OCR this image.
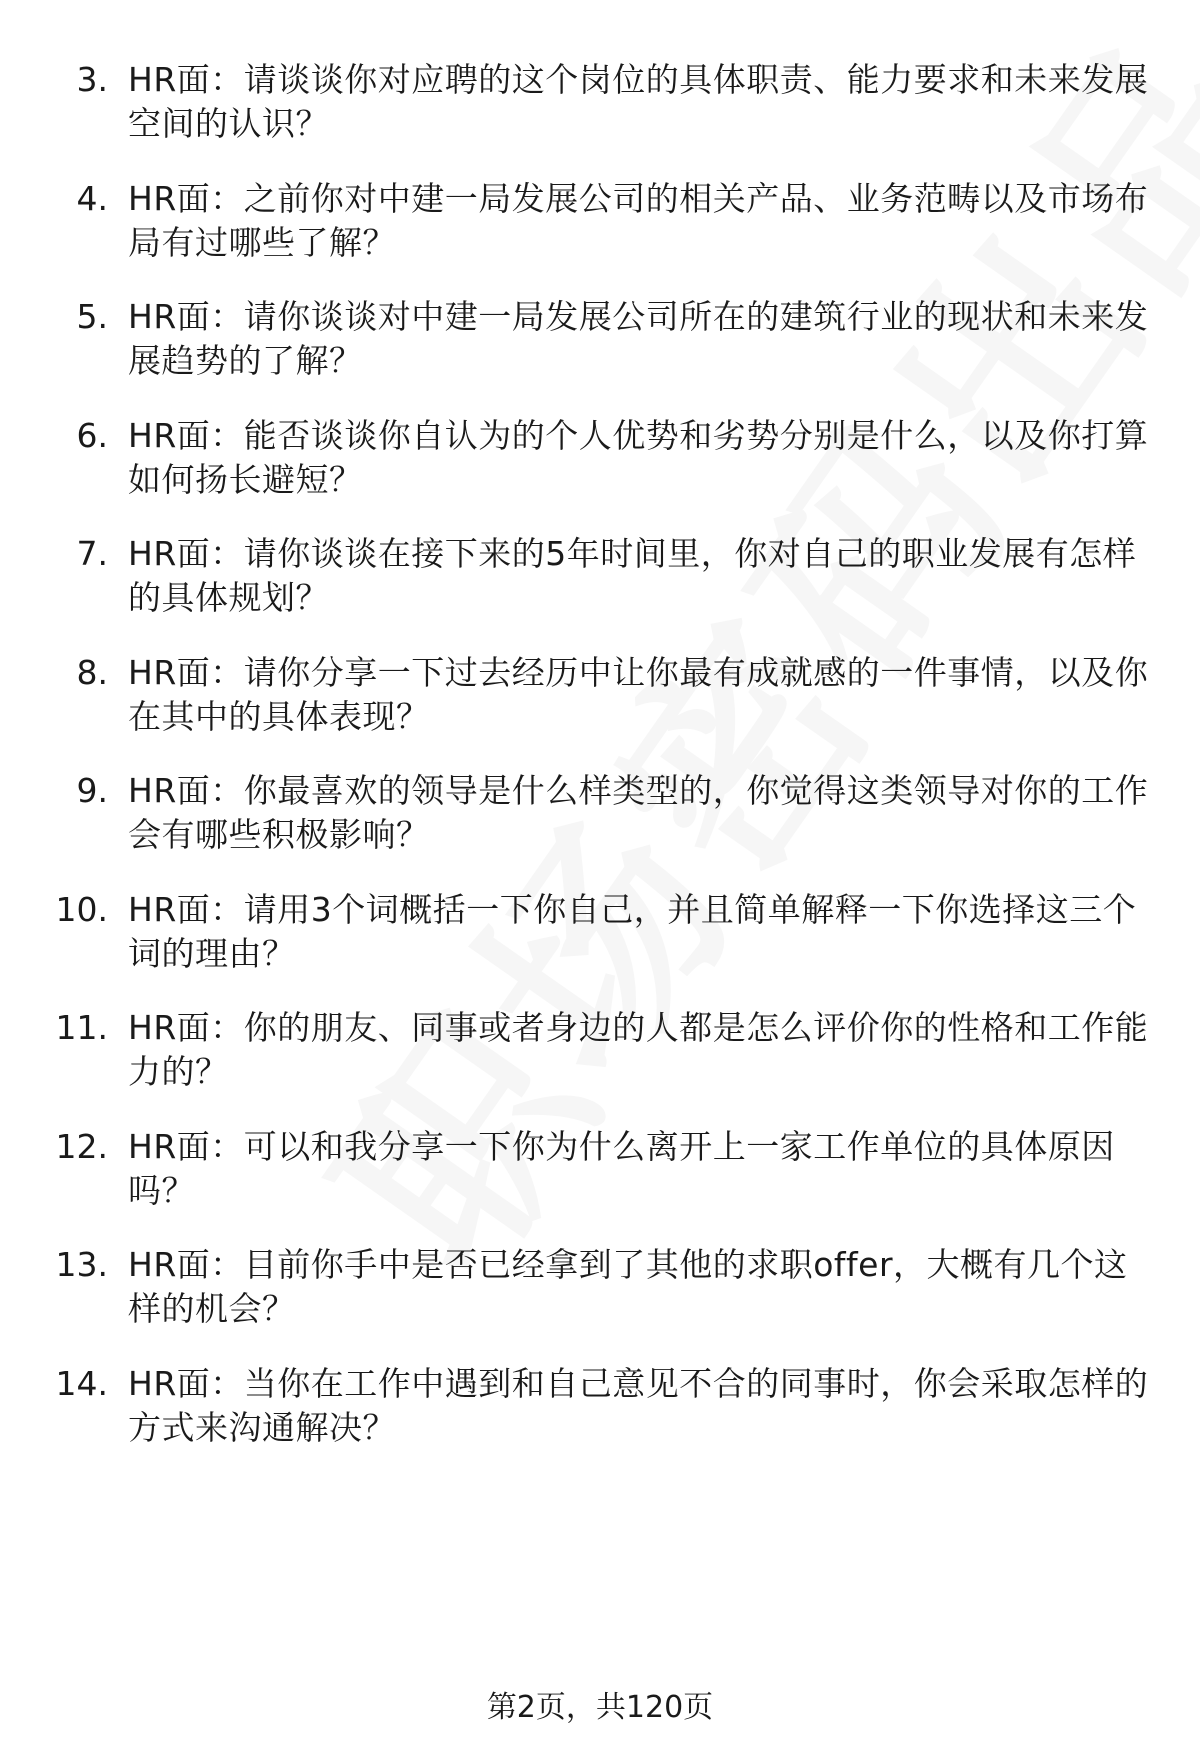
3. HR面：请谈谈你对应聘的这个岗位的具体职责、能力要求和未来发展空间的认识？
4. HR面：之前你对中建一局发展公司的相关产品、业务范畴以及市场布局有过哪些了解？
5. HR面：请你谈谈对中建一局发展公司所在的建筑行业的现状和未来发展趋势的了解？
6. HR面：能否谈谈你自认为的个人优势和劣势分别是什么，以及你打算如何扬长避短？
7. HR面：请你谈谈在接下来的5年时间里，你对自己的职业发展有怎样的具体规划？
8. HR面：请你分享一下过去经历中让你最有成就感的一件事情，以及你在其中的具体表现？
9. HR面：你最喜欢的领导是什么样类型的，你觉得这类领导对你的工作会有哪些积极影响？
10. HR面：请用3个词概括一下你自己，并且简单解释一下你选择这三个词的理由？
11. HR面：你的朋友、同事或者身边的人都是怎么评价你的性格和工作能力的？
12. HR面：可以和我分享一下你为什么离开上一家工作单位的具体原因吗？
13. HR面：目前你手中是否已经拿到了其他的求职offer，大概有几个这样的机会？
14. HR面：当你在工作中遇到和自己意见不合的同事时，你会采取怎样的方式来沟通解决？
第2页，共120页
